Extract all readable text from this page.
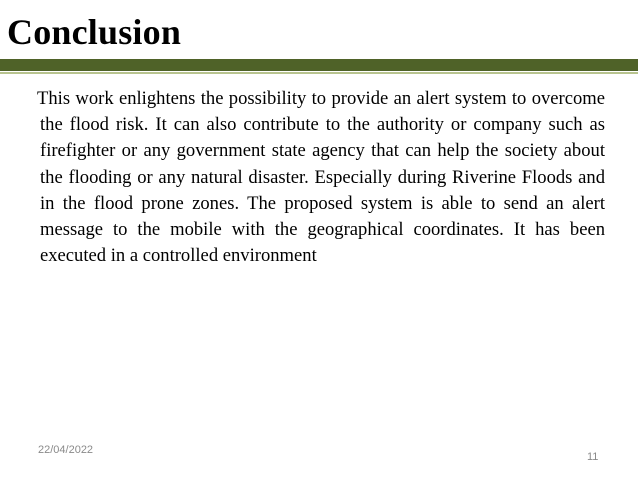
Conclusion

This work enlightens the possibility to provide an alert system to overcome the flood risk. It can also contribute to the authority or company such as firefighter or any government state agency that can help the society about the flooding or any natural disaster. Especially during Riverine Floods and in the flood prone zones. The proposed system is able to send an alert message to the mobile with the geographical coordinates. It has been executed in a controlled environment

22/04/2022
11
